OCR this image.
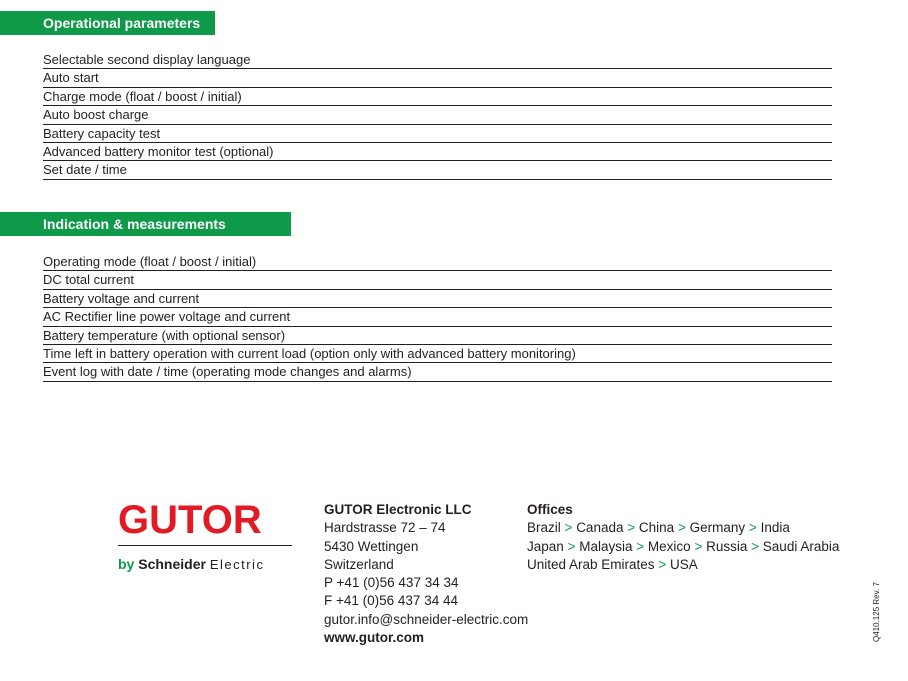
Operational parameters
Selectable second display language
Auto start
Charge mode (float / boost / initial)
Auto boost charge
Battery capacity test
Advanced battery monitor test (optional)
Set date / time
Indication & measurements
Operating mode (float / boost / initial)
DC total current
Battery voltage and current
AC Rectifier line power voltage and current
Battery temperature (with optional sensor)
Time left in battery operation with current load (option only with advanced battery monitoring)
Event log with date / time (operating mode changes and alarms)
GUTOR
by Schneider Electric
GUTOR Electronic LLC
Hardstrasse 72 – 74
5430 Wettingen
Switzerland
P +41 (0)56 437 34 34
F +41 (0)56 437 34 44
gutor.info@schneider-electric.com
www.gutor.com
Offices
Brazil > Canada > China > Germany > India
Japan > Malaysia > Mexico > Russia > Saudi Arabia
United Arab Emirates > USA
Q410.125 Rev. 7
